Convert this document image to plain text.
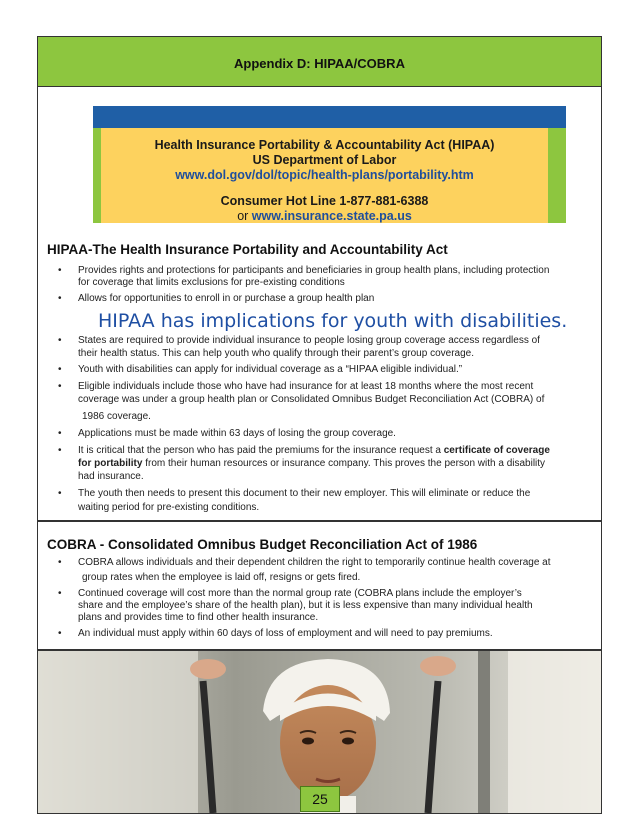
Appendix D: HIPAA/COBRA
Health Insurance Portability & Accountability Act (HIPAA)
US Department of Labor
www.dol.gov/dol/topic/health-plans/portability.htm
Consumer Hot Line 1-877-881-6388
or www.insurance.state.pa.us
HIPAA-The Health Insurance Portability and Accountability Act
•	Provides rights and protections for participants and beneficiaries in group health plans, including protection
for coverage that limits exclusions for pre-existing conditions
•	Allows for opportunities to enroll in or purchase a group health plan
HIPAA has implications for youth with disabilities.
•	States are required to provide individual insurance to people losing group coverage access regardless of
their health status. This can help youth who qualify through their parent’s group coverage.
•	Youth with disabilities can apply for individual coverage as a “HIPAA eligible individual.”
•	Eligible individuals include those who have had insurance for at least 18 months where the most recent
coverage was under a group health plan or Consolidated Omnibus Budget Reconciliation Act (COBRA) of
1986 coverage.
•	Applications must be made within 63 days of losing the group coverage.
•	It is critical that the person who has paid the premiums for the insurance request a certificate of coverage
for portability from their human resources or insurance company. This proves the person with a disability
had insurance.
•	The youth then needs to present this document to their new employer. This will eliminate or reduce the
waiting period for pre-existing conditions.
COBRA - Consolidated Omnibus Budget Reconciliation Act of 1986
•	COBRA allows individuals and their dependent children the right to temporarily continue health coverage at
group rates when the employee is laid off, resigns or gets fired.
•	Continued coverage will cost more than the normal group rate (COBRA plans include the employer’s
share and the employee’s share of the health plan), but it is less expensive than many individual health
plans and provides time to find other health insurance.
•	An individual must apply within 60 days of loss of employment and will need to pay premiums.
25
